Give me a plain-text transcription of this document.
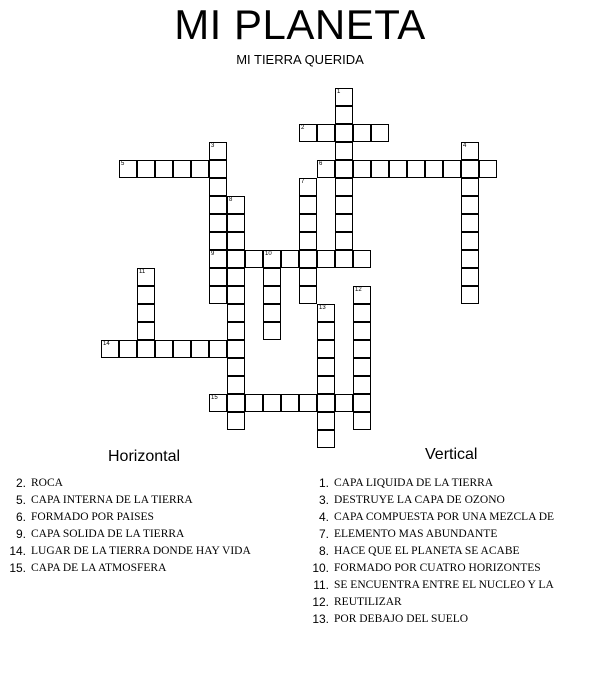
MI PLANETA
MI TIERRA QUERIDA
1
2
3
9
4
5	6
7
8
10
11
12
13
14
15
Horizontal	Vertical
2. ROCA
5. CAPA INTERNA DE LA TIERRA
6. FORMADO POR PAISES
9. CAPA SOLIDA DE LA TIERRA
14. LUGAR DE LA TIERRA DONDE HAY VIDA
15. CAPA DE LA ATMOSFERA
1. CAPA LIQUIDA DE LA TIERRA
3. DESTRUYE LA CAPA DE OZONO
4. CAPA COMPUESTA POR UNA MEZCLA DE
7. ELEMENTO MAS ABUNDANTE
8. HACE QUE EL PLANETA SE ACABE
10. FORMADO POR CUATRO HORIZONTES
11. SE ENCUENTRA ENTRE EL NUCLEO Y LA
12. REUTILIZAR
13. POR DEBAJO DEL SUELO
